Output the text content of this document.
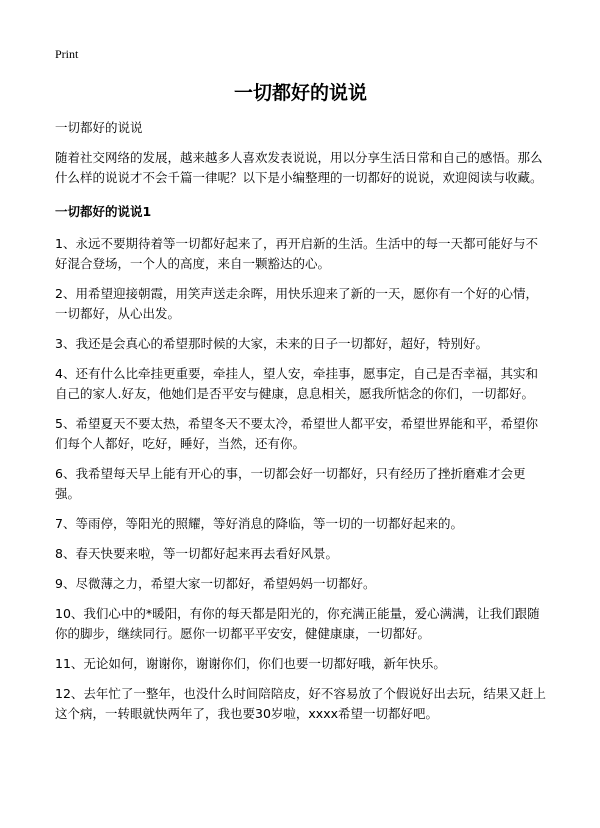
Print
一切都好的说说

一切都好的说说

随着社交网络的发展，越来越多人喜欢发表说说，用以分享生活日常和自己的感悟。那么什么样的说说才不会千篇一律呢？以下是小编整理的一切都好的说说，欢迎阅读与收藏。

一切都好的说说1

1、永远不要期待着等一切都好起来了，再开启新的生活。生活中的每一天都可能好与不好混合登场，一个人的高度，来自一颗豁达的心。

2、用希望迎接朝霞，用笑声送走余晖，用快乐迎来了新的一天，愿你有一个好的心情，一切都好，从心出发。

3、我还是会真心的希望那时候的大家，未来的日子一切都好，超好，特别好。

4、还有什么比牵挂更重要，牵挂人，望人安，牵挂事，愿事定，自己是否幸福，其实和自己的家人.好友，他她们是否平安与健康，息息相关，愿我所惦念的你们，一切都好。

5、希望夏天不要太热，希望冬天不要太冷，希望世人都平安，希望世界能和平，希望你们每个人都好，吃好，睡好，当然，还有你。

6、我希望每天早上能有开心的事，一切都会好一切都好，只有经历了挫折磨难才会更强。

7、等雨停，等阳光的照耀，等好消息的降临，等一切的一切都好起来的。

8、春天快要来啦，等一切都好起来再去看好风景。

9、尽微薄之力，希望大家一切都好，希望妈妈一切都好。

10、我们心中的*暖阳，有你的每天都是阳光的，你充满正能量，爱心满满，让我们跟随你的脚步，继续同行。愿你一切都平平安安，健健康康，一切都好。

11、无论如何，谢谢你，谢谢你们，你们也要一切都好哦，新年快乐。

12、去年忙了一整年，也没什么时间陪陪皮，好不容易放了个假说好出去玩，结果又赶上这个病，一转眼就快两年了，我也要30岁啦，xxxx希望一切都好吧。
